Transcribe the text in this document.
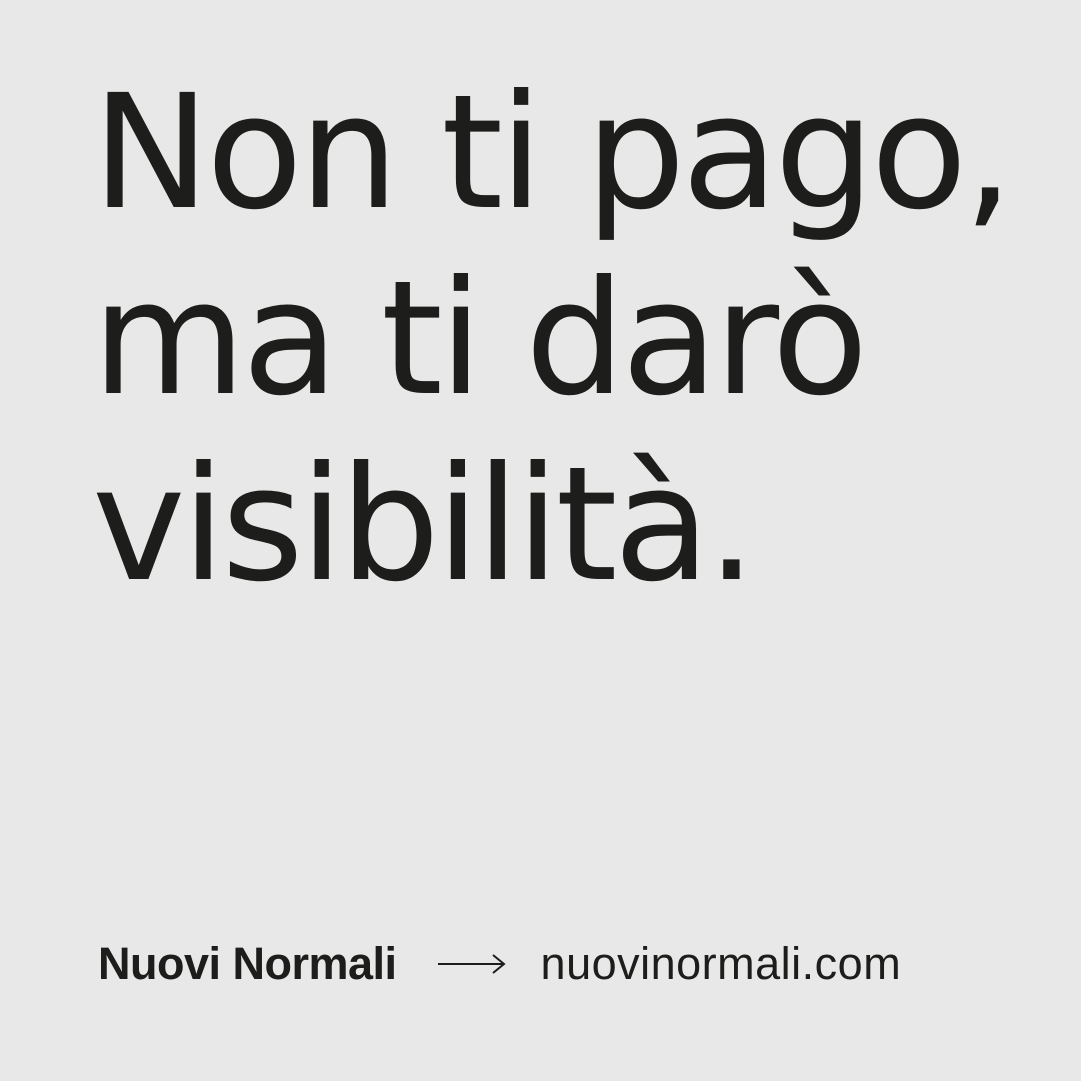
Non ti pago,
ma ti darò
visibilità.
Nuovi Normali	nuovinormali.com
